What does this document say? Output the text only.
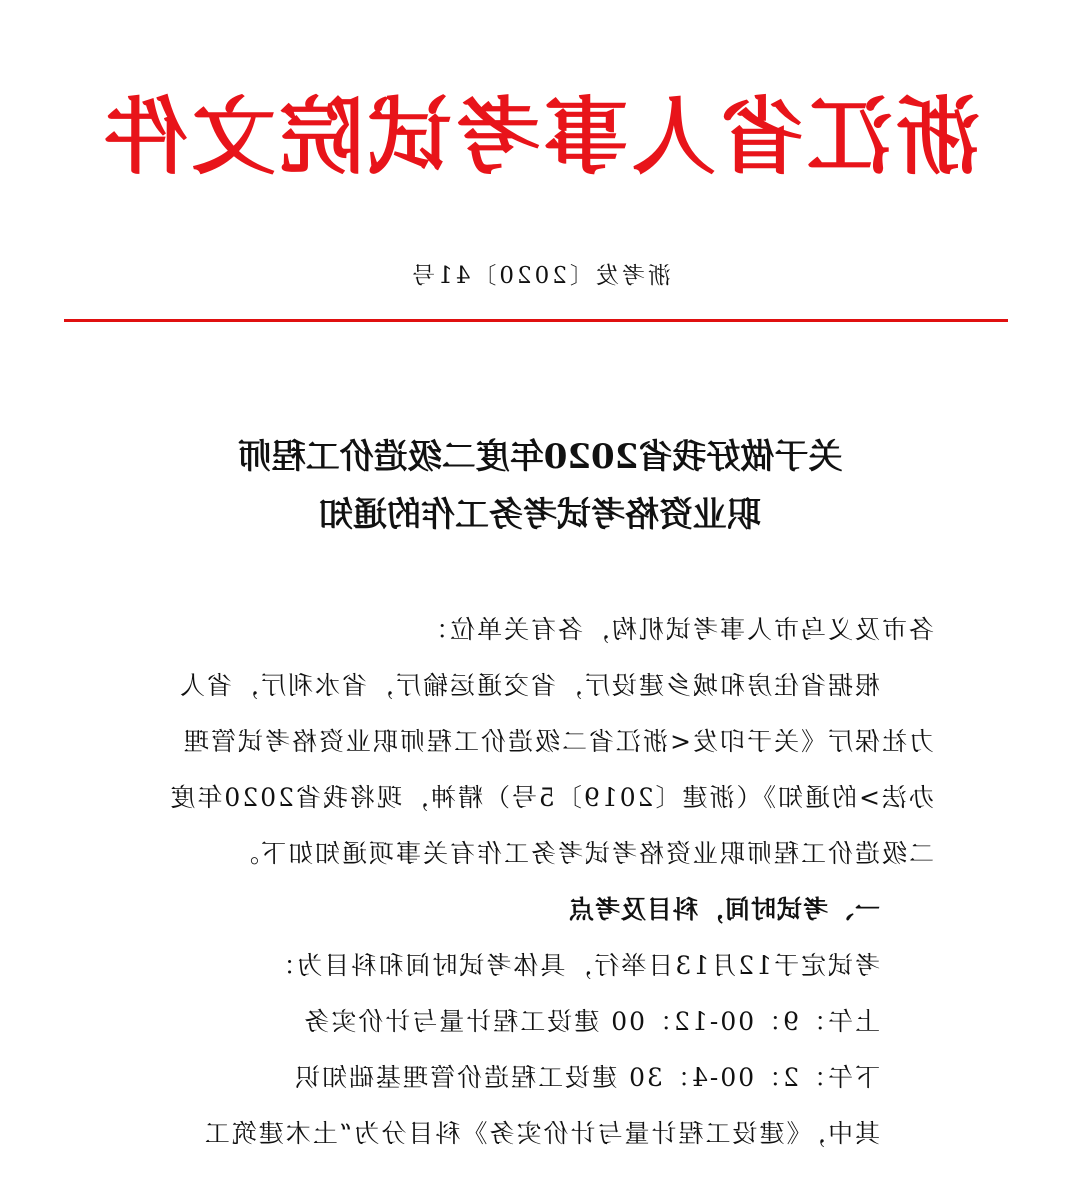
浙江省人事考试院文件
浙考发〔2020〕41号
关于做好我省2020年度二级造价工程师
职业资格考试考务工作的通知
各市及义乌市人事考试机构，各有关单位：
根据省住房和城乡建设厅，省交通运输厅，省水利厅，省人
力社保厅《关于印发<浙江省二级造价工程师职业资格考试管理
办法>的通知》（浙建〔2019〕5号）精神，现将我省2020年度
二级造价工程师职业资格考试考务工作有关事项通知如下。
一、考试时间，科目及考点
考试定于12月13日举行，具体考试时间和科目为：
上午：9：00-12：00 建设工程计量与计价实务
下午：2：00-4：30 建设工程造价管理基础知识
其中，《建设工程计量与计价实务》科目分为“土木建筑工
